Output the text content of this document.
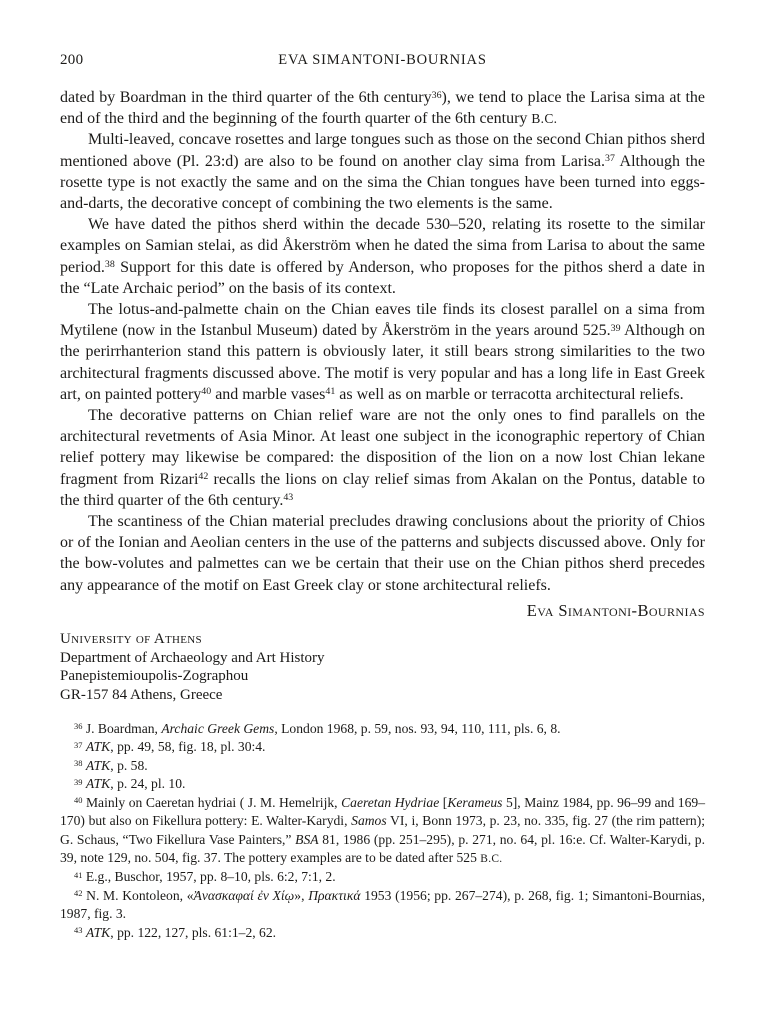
200	EVA SIMANTONI-BOURNIAS

dated by Boardman in the third quarter of the 6th century$^{36}$), we tend to place the Larisa sima at the end of the third and the beginning of the fourth quarter of the 6th century B.C.

Multi-leaved, concave rosettes and large tongues such as those on the second Chian pithos sherd mentioned above (Pl. 23:d) are also to be found on another clay sima from Larisa.$^{37}$ Although the rosette type is not exactly the same and on the sima the Chian tongues have been turned into eggs-and-darts, the decorative concept of combining the two elements is the same.

We have dated the pithos sherd within the decade 530–520, relating its rosette to the similar examples on Samian stelai, as did Åkerström when he dated the sima from Larisa to about the same period.$^{38}$ Support for this date is offered by Anderson, who proposes for the pithos sherd a date in the “Late Archaic period” on the basis of its context.

The lotus-and-palmette chain on the Chian eaves tile finds its closest parallel on a sima from Mytilene (now in the Istanbul Museum) dated by Åkerström in the years around 525.39 Although on the perirrhanterion stand this pattern is obviously later, it still bears strong similarities to the two architectural fragments discussed above. The motif is very popular and has a long life in East Greek art, on painted pottery$^{40}$ and marble vases$^{41}$ as well as on marble or terracotta architectural reliefs.

The decorative patterns on Chian relief ware are not the only ones to find parallels on the architectural revetments of Asia Minor. At least one subject in the iconographic repertory of Chian relief pottery may likewise be compared: the disposition of the lion on a now lost Chian lekane fragment from Rizari$^{42}$ recalls the lions on clay relief simas from Akalan on the Pontus, datable to the third quarter of the 6th century.$^{43}$

The scantiness of the Chian material precludes drawing conclusions about the priority of Chios or of the Ionian and Aeolian centers in the use of the patterns and subjects discussed above. Only for the bow-volutes and palmettes can we be certain that their use on the Chian pithos sherd precedes any appearance of the motif on East Greek clay or stone architectural reliefs.

Eva Simantoni-Bournias
University of Athens
Department of Archaeology and Art History
Panepistemioupolis-Zographou
GR-157 84 Athens, Greece

$^{36}$ J. Boardman, Archaic Greek Gems, London 1968, p. 59, nos. 93, 94, 110, 111, pls. 6, 8.

$^{37}$ ATK, pp. 49, 58, fig. 18, pl. 30:4.

$^{38}$ ATK, p. 58.

$^{39}$ ATK, p. 24, pl. 10.

$^{40}$ Mainly on Caeretan hydriai ( J. M. Hemelrijk, Caeretan Hydriae [Kerameus 5], Mainz 1984, pp. 96–99 and 169–170) but also on Fikellura pottery: E. Walter-Karydi, Samos VI, i, Bonn 1973, p. 23, no. 335, fig. 27 (the rim pattern); G. Schaus, “Two Fikellura Vase Painters,” BSA 81, 1986 (pp. 251–295), p. 271, no. 64, pl. 16:e. Cf. Walter-Karydi, p. 39, note 129, no. 504, fig. 37. The pottery examples are to be dated after 525 B.C.

$^{41}$ E.g., Buschor, 1957, pp. 8–10, pls. 6:2, 7:1, 2.

$^{42}$ N. M. Kontoleon, «Ἀνασκαφαί ἐν Χίῳ», Πρακτικά 1953 (1956; pp. 267–274), p. 268, fig. 1; Simantoni-Bournias, 1987, fig. 3.

$^{43}$ ATK, pp. 122, 127, pls. 61:1–2, 62.
